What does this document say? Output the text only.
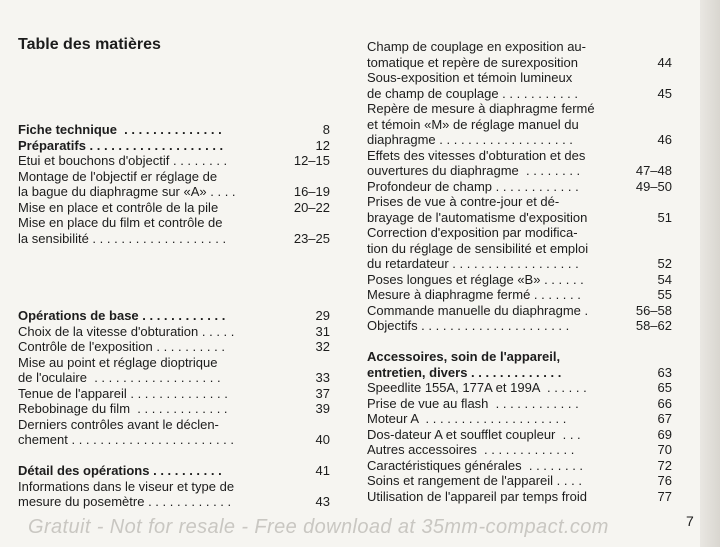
Table des matières
Fiche technique  . . . . . . . . . . . . . .	8
Préparatifs . . . . . . . . . . . . . . . . . . .	12
Etui et bouchons d'objectif . . . . . . . .	12–15
Montage de l'objectif er réglage de
la bague du diaphragme sur «A» . . . .	16–19
Mise en place et contrôle de la pile	20–22
Mise en place du film et contrôle de
la sensibilité . . . . . . . . . . . . . . . . . . .	23–25
Opérations de base . . . . . . . . . . . .	29
Choix de la vitesse d'obturation . . . . .	31
Contrôle de l'exposition . . . . . . . . . .	32
Mise au point et réglage dioptrique
de l'oculaire  . . . . . . . . . . . . . . . . . .	33
Tenue de l'appareil . . . . . . . . . . . . . .	37
Rebobinage du film  . . . . . . . . . . . . .	39
Derniers contrôles avant le déclen-
chement . . . . . . . . . . . . . . . . . . . . . . .	40
Détail des opérations . . . . . . . . . .	41
Informations dans le viseur et type de
mesure du posemètre . . . . . . . . . . . .	43
Champ de couplage en exposition au-
tomatique et repère de surexposition	44
Sous-exposition et témoin lumineux
de champ de couplage . . . . . . . . . . .	45
Repère de mesure à diaphragme fermé
et témoin «M» de réglage manuel du
diaphragme . . . . . . . . . . . . . . . . . . .	46
Effets des vitesses d'obturation et des
ouvertures du diaphragme  . . . . . . . .	47–48
Profondeur de champ . . . . . . . . . . . .	49–50
Prises de vue à contre-jour et dé-
brayage de l'automatisme d'exposition	51
Correction d'exposition par modifica-
tion du réglage de sensibilité et emploi
du retardateur . . . . . . . . . . . . . . . . . .	52
Poses longues et réglage «B» . . . . . .	54
Mesure à diaphragme fermé . . . . . . .	55
Commande manuelle du diaphragme .	56–58
Objectifs . . . . . . . . . . . . . . . . . . . . .	58–62
Accessoires, soin de l'appareil,
entretien, divers . . . . . . . . . . . . .	63
Speedlite 155A, 177A et 199A  . . . . . .	65
Prise de vue au flash  . . . . . . . . . . . .	66
Moteur A  . . . . . . . . . . . . . . . . . . . .	67
Dos-dateur A et soufflet coupleur  . . .	69
Autres accessoires  . . . . . . . . . . . . .	70
Caractéristiques générales  . . . . . . . .	72
Soins et rangement de l'appareil . . . .	76
Utilisation de l'appareil par temps froid	77
Gratuit - Not for resale - Free download at 35mm-compact.com	7
